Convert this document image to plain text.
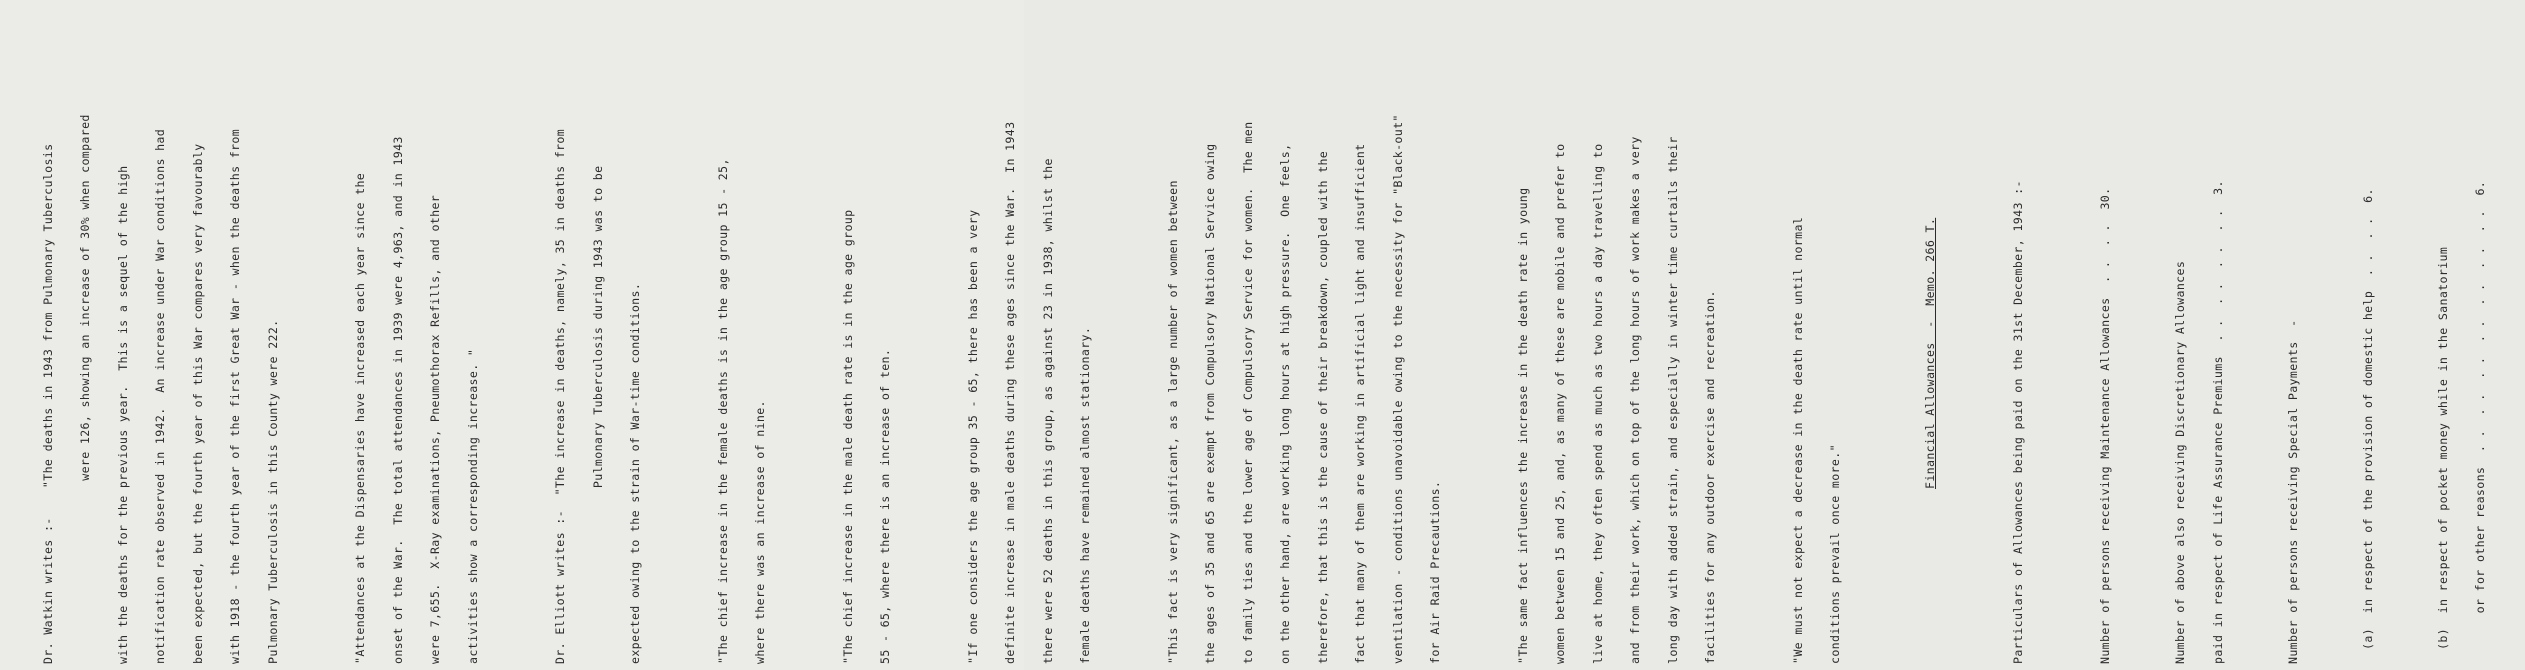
Dr. Watkin writes :-    "The deaths in 1943 from Pulmonary Tuberculosis

were 126, showing an increase of 30% when compared

with the deaths for the previous year.  This is a sequel of the high

notification rate observed in 1942.  An increase under War conditions had

been expected, but the fourth year of this War compares very favourably

with 1918 - the fourth year of the first Great War - when the deaths from

Pulmonary Tuberculosis in this County were 222.

	"Attendances at the Dispensaries have increased each year since the

onset of the War.  The total attendances in 1939 were 4,963, and in 1943

were 7,655.  X-Ray examinations, Pneumothorax Refills, and other

activities show a corresponding increase. "

	Dr. Elliott writes :-  "The increase in deaths, namely, 35 in deaths from

Pulmonary Tuberculosis during 1943 was to be

expected owing to the strain of War-time conditions.

	"The chief increase in the female deaths is in the age group 15 - 25,

where there was an increase of nine.

	"The chief increase in the male death rate is in the age group

55 - 65, where there is an increase of ten.

	"If one considers the age group 35 - 65, there has been a very

definite increase in male deaths during these ages since the War.  In 1943

there were 52 deaths in this group, as against 23 in 1938, whilst the

female deaths have remained almost stationary.

	"This fact is very significant, as a large number of women between

the ages of 35 and 65 are exempt from Compulsory National Service owing

to family ties and the lower age of Compulsory Service for women.  The men

on the other hand, are working long hours at high pressure.  One feels,

therefore, that this is the cause of their breakdown, coupled with the

fact that many of them are working in artificial light and insufficient

ventilation - conditions unavoidable owing to the necessity for "Black-out"

for Air Raid Precautions.

	"The same fact influences the increase in the death rate in young

women between 15 and 25, and, as many of these are mobile and prefer to

live at home, they often spend as much as two hours a day travelling to

and from their work, which on top of the long hours of work makes a very

long day with added strain, and especially in winter time curtails their

facilities for any outdoor exercise and recreation.

	"We must not expect a decrease in the death rate until normal

conditions prevail once more."

Financial Allowances  -  Memo. 266 T.

	Particulars of Allowances being paid on the 31st December, 1943 :-

	Number of persons receiving Maintenance Allowances  . .  . .  30.

	Number of above also receiving Discretionary Allowances

paid in respect of Life Assurance Premiums  . .  . .  . .  . .  3.

	Number of persons receiving Special Payments  -

	(a)  in respect of the provision of domestic help  . .  . .  6.

	(b)  in respect of pocket money while in the Sanatorium

or for other reasons  . .  . .  . .  . .  . .  . .  . .  6.
